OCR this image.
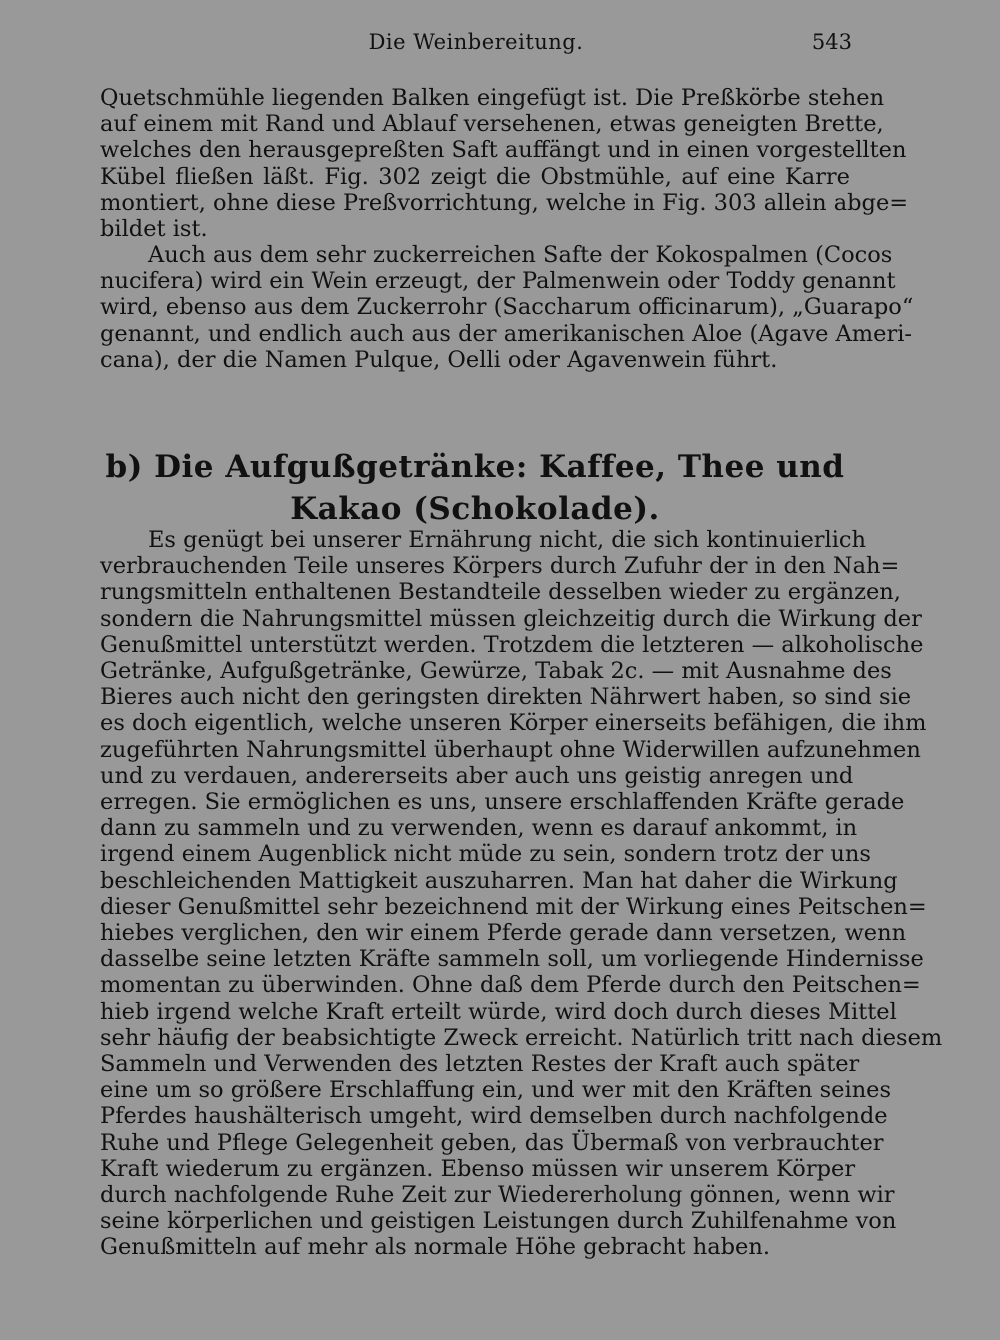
Die Weinbereitung.	543

Quetschmühle liegenden Balken eingefügt ist. Die Preßkörbe stehen
auf einem mit Rand und Ablauf versehenen, etwas geneigten Brette,
welches den herausgepreßten Saft auffängt und in einen vorgestellten
Kübel fließen läßt. Fig. 302 zeigt die Obstmühle, auf eine Karre
montiert, ohne diese Preßvorrichtung, welche in Fig. 303 allein abge=
bildet ist.

Auch aus dem sehr zuckerreichen Safte der Kokospalmen (Cocos
nucifera) wird ein Wein erzeugt, der Palmenwein oder Toddy genannt
wird, ebenso aus dem Zuckerrohr (Saccharum officinarum), „Guarapo“
genannt, und endlich auch aus der amerikanischen Aloe (Agave Ameri-
cana), der die Namen Pulque, Oelli oder Agavenwein führt.

b) Die Aufgußgetränke: Kaffee, Thee und
Kakao (Schokolade).

Es genügt bei unserer Ernährung nicht, die sich kontinuierlich
verbrauchenden Teile unseres Körpers durch Zufuhr der in den Nah=
rungsmitteln enthaltenen Bestandteile desselben wieder zu ergänzen,
sondern die Nahrungsmittel müssen gleichzeitig durch die Wirkung der
Genußmittel unterstützt werden. Trotzdem die letzteren — alkoholische
Getränke, Aufgußgetränke, Gewürze, Tabak 2c. — mit Ausnahme des
Bieres auch nicht den geringsten direkten Nährwert haben, so sind sie
es doch eigentlich, welche unseren Körper einerseits befähigen, die ihm
zugeführten Nahrungsmittel überhaupt ohne Widerwillen aufzunehmen
und zu verdauen, andererseits aber auch uns geistig anregen und
erregen. Sie ermöglichen es uns, unsere erschlaffenden Kräfte gerade
dann zu sammeln und zu verwenden, wenn es darauf ankommt, in
irgend einem Augenblick nicht müde zu sein, sondern trotz der uns
beschleichenden Mattigkeit auszuharren. Man hat daher die Wirkung
dieser Genußmittel sehr bezeichnend mit der Wirkung eines Peitschen=
hiebes verglichen, den wir einem Pferde gerade dann versetzen, wenn
dasselbe seine letzten Kräfte sammeln soll, um vorliegende Hindernisse
momentan zu überwinden. Ohne daß dem Pferde durch den Peitschen=
hieb irgend welche Kraft erteilt würde, wird doch durch dieses Mittel
sehr häufig der beabsichtigte Zweck erreicht. Natürlich tritt nach diesem
Sammeln und Verwenden des letzten Restes der Kraft auch später
eine um so größere Erschlaffung ein, und wer mit den Kräften seines
Pferdes haushälterisch umgeht, wird demselben durch nachfolgende
Ruhe und Pflege Gelegenheit geben, das Übermaß von verbrauchter
Kraft wiederum zu ergänzen. Ebenso müssen wir unserem Körper
durch nachfolgende Ruhe Zeit zur Wiedererholung gönnen, wenn wir
seine körperlichen und geistigen Leistungen durch Zuhilfenahme von
Genußmitteln auf mehr als normale Höhe gebracht haben.
